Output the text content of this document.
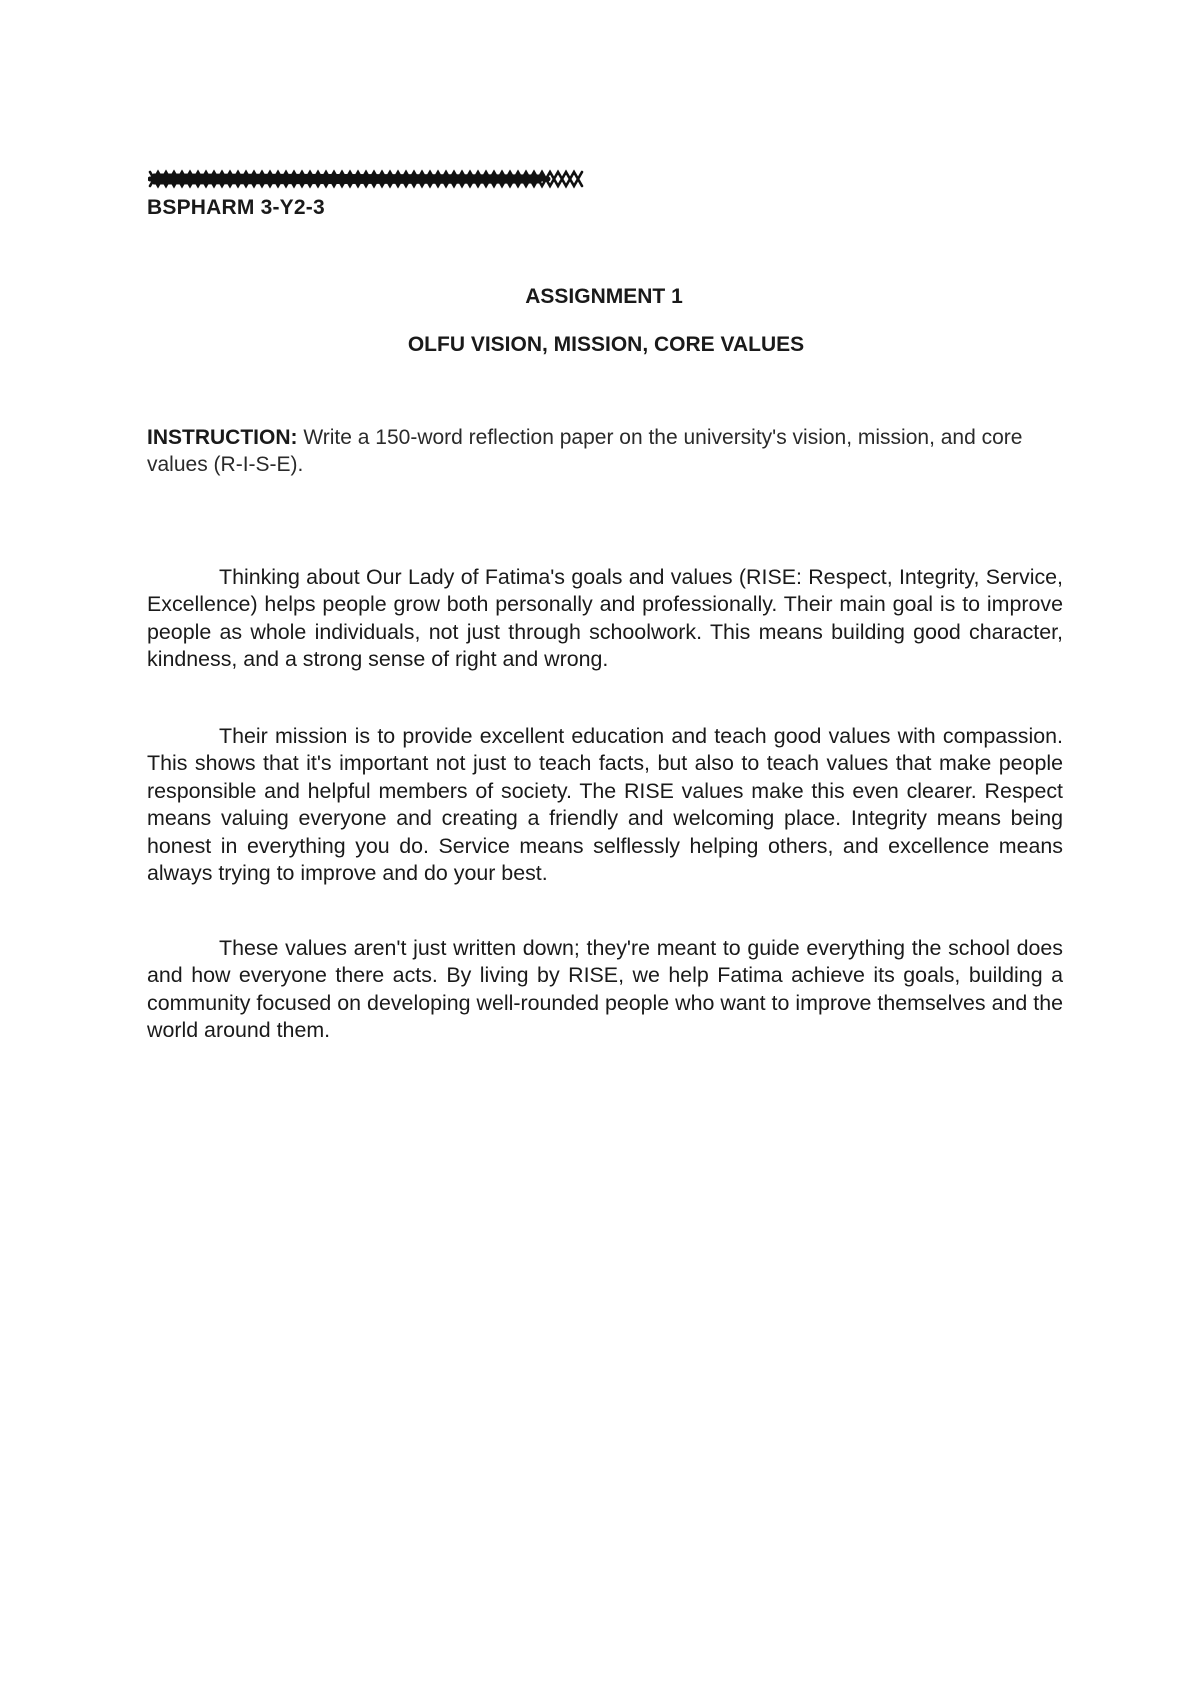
BSPHARM 3-Y2-3
ASSIGNMENT 1
OLFU VISION, MISSION, CORE VALUES
INSTRUCTION: Write a 150-word reflection paper on the university's vision, mission, and core values (R-I-S-E).

Thinking about Our Lady of Fatima's goals and values (RISE: Respect, Integrity, Service, Excellence) helps people grow both personally and professionally. Their main goal is to improve people as whole individuals, not just through schoolwork. This means building good character, kindness, and a strong sense of right and wrong.

Their mission is to provide excellent education and teach good values with compassion. This shows that it's important not just to teach facts, but also to teach values that make people responsible and helpful members of society. The RISE values make this even clearer. Respect means valuing everyone and creating a friendly and welcoming place. Integrity means being honest in everything you do. Service means selflessly helping others, and excellence means always trying to improve and do your best.

These values aren't just written down; they're meant to guide everything the school does and how everyone there acts. By living by RISE, we help Fatima achieve its goals, building a community focused on developing well-rounded people who want to improve themselves and the world around them.
